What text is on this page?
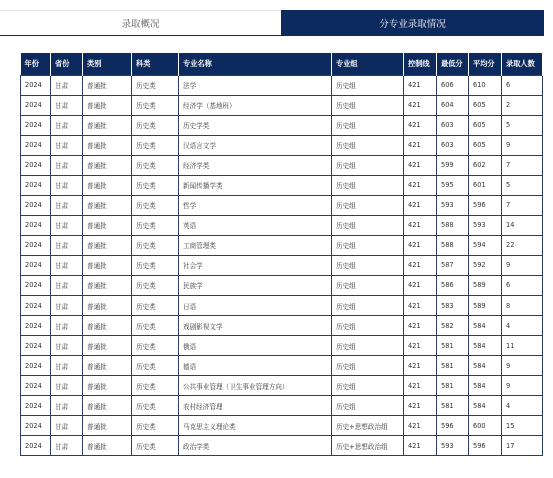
录取概况	分专业录取情况
年份	省份	类别	科类	专业名称	专业组	控制线	最低分	平均分	录取人数
2024	甘肃	普通批	历史类	法学	历史组	421	606	610	6
2024	甘肃	普通批	历史类	经济学（基地班）	历史组	421	604	605	2
2024	甘肃	普通批	历史类	历史学类	历史组	421	603	605	5
2024	甘肃	普通批	历史类	汉语言文学	历史组	421	603	605	9
2024	甘肃	普通批	历史类	经济学类	历史组	421	599	602	7
2024	甘肃	普通批	历史类	新闻传播学类	历史组	421	595	601	5
2024	甘肃	普通批	历史类	哲学	历史组	421	593	596	7
2024	甘肃	普通批	历史类	英语	历史组	421	588	593	14
2024	甘肃	普通批	历史类	工商管理类	历史组	421	588	594	22
2024	甘肃	普通批	历史类	社会学	历史组	421	587	592	9
2024	甘肃	普通批	历史类	民族学	历史组	421	586	589	6
2024	甘肃	普通批	历史类	日语	历史组	421	583	589	8
2024	甘肃	普通批	历史类	戏剧影视文学	历史组	421	582	584	4
2024	甘肃	普通批	历史类	俄语	历史组	421	581	584	11
2024	甘肃	普通批	历史类	德语	历史组	421	581	584	9
2024	甘肃	普通批	历史类	公共事业管理（卫生事业管理方向）	历史组	421	581	584	9
2024	甘肃	普通批	历史类	农村经济管理	历史组	421	581	584	4
2024	甘肃	普通批	历史类	马克思主义理论类	历史+思想政治组	421	596	600	15
2024	甘肃	普通批	历史类	政治学类	历史+思想政治组	421	593	596	17
